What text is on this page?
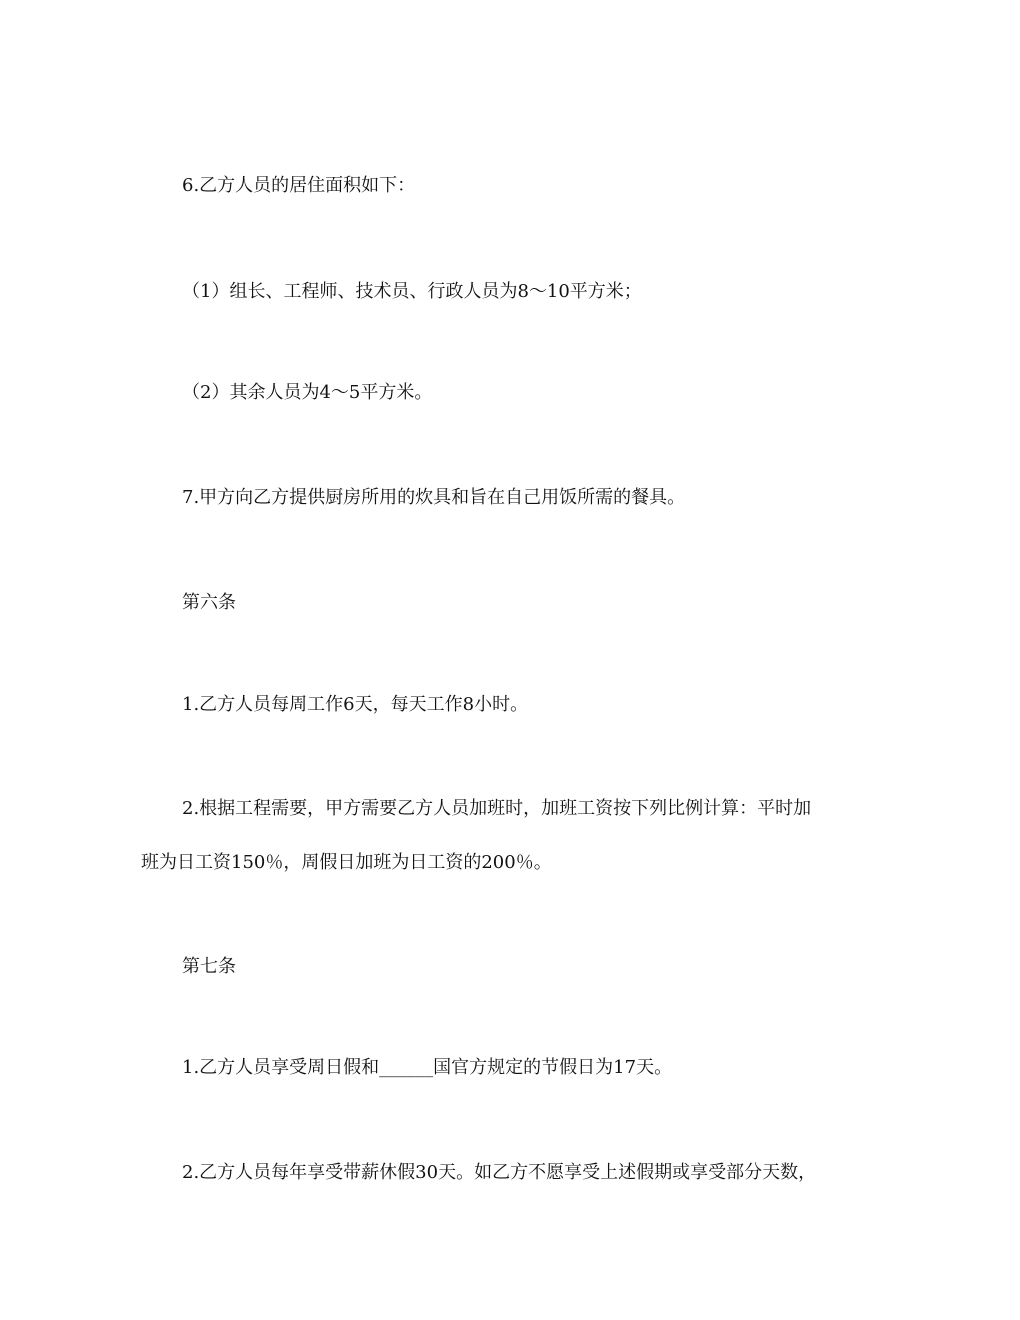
6.乙方人员的居住面积如下：

（1）组长、工程师、技术员、行政人员为8～10平方米；

（2）其余人员为4～5平方米。

7.甲方向乙方提供厨房所用的炊具和旨在自己用饭所需的餐具。

第六条

1.乙方人员每周工作6天，每天工作8小时。

2.根据工程需要，甲方需要乙方人员加班时，加班工资按下列比例计算：平时加

班为日工资150％，周假日加班为日工资的200％。

第七条

1.乙方人员享受周日假和______国官方规定的节假日为17天。

2.乙方人员每年享受带薪休假30天。如乙方不愿享受上述假期或享受部分天数，
